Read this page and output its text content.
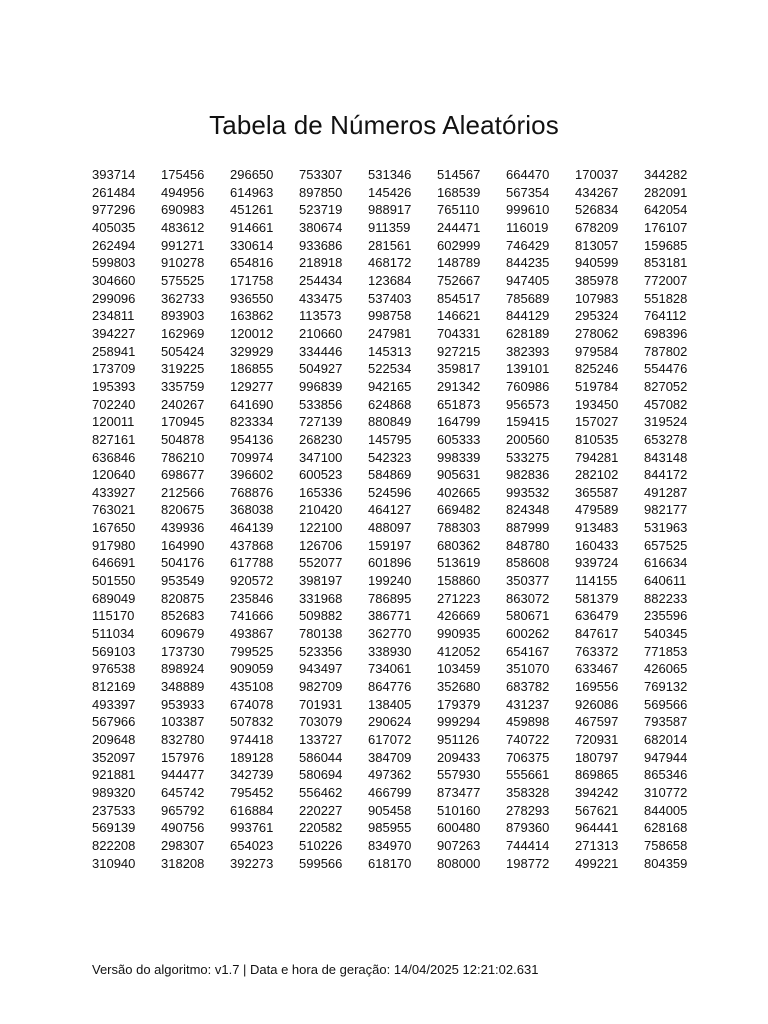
Tabela de Números Aleatórios
393714	175456	296650	753307	531346	514567	664470	170037	344282
261484	494956	614963	897850	145426	168539	567354	434267	282091
977296	690983	451261	523719	988917	765110	999610	526834	642054
405035	483612	914661	380674	911359	244471	116019	678209	176107
262494	991271	330614	933686	281561	602999	746429	813057	159685
599803	910278	654816	218918	468172	148789	844235	940599	853181
304660	575525	171758	254434	123684	752667	947405	385978	772007
299096	362733	936550	433475	537403	854517	785689	107983	551828
234811	893903	163862	113573	998758	146621	844129	295324	764112
394227	162969	120012	210660	247981	704331	628189	278062	698396
258941	505424	329929	334446	145313	927215	382393	979584	787802
173709	319225	186855	504927	522534	359817	139101	825246	554476
195393	335759	129277	996839	942165	291342	760986	519784	827052
702240	240267	641690	533856	624868	651873	956573	193450	457082
120011	170945	823334	727139	880849	164799	159415	157027	319524
827161	504878	954136	268230	145795	605333	200560	810535	653278
636846	786210	709974	347100	542323	998339	533275	794281	843148
120640	698677	396602	600523	584869	905631	982836	282102	844172
433927	212566	768876	165336	524596	402665	993532	365587	491287
763021	820675	368038	210420	464127	669482	824348	479589	982177
167650	439936	464139	122100	488097	788303	887999	913483	531963
917980	164990	437868	126706	159197	680362	848780	160433	657525
646691	504176	617788	552077	601896	513619	858608	939724	616634
501550	953549	920572	398197	199240	158860	350377	114155	640611
689049	820875	235846	331968	786895	271223	863072	581379	882233
115170	852683	741666	509882	386771	426669	580671	636479	235596
511034	609679	493867	780138	362770	990935	600262	847617	540345
569103	173730	799525	523356	338930	412052	654167	763372	771853
976538	898924	909059	943497	734061	103459	351070	633467	426065
812169	348889	435108	982709	864776	352680	683782	169556	769132
493397	953933	674078	701931	138405	179379	431237	926086	569566
567966	103387	507832	703079	290624	999294	459898	467597	793587
209648	832780	974418	133727	617072	951126	740722	720931	682014
352097	157976	189128	586044	384709	209433	706375	180797	947944
921881	944477	342739	580694	497362	557930	555661	869865	865346
989320	645742	795452	556462	466799	873477	358328	394242	310772
237533	965792	616884	220227	905458	510160	278293	567621	844005
569139	490756	993761	220582	985955	600480	879360	964441	628168
822208	298307	654023	510226	834970	907263	744414	271313	758658
310940	318208	392273	599566	618170	808000	198772	499221	804359

Versão do algoritmo: v1.7 | Data e hora de geração: 14/04/2025 12:21:02.631
